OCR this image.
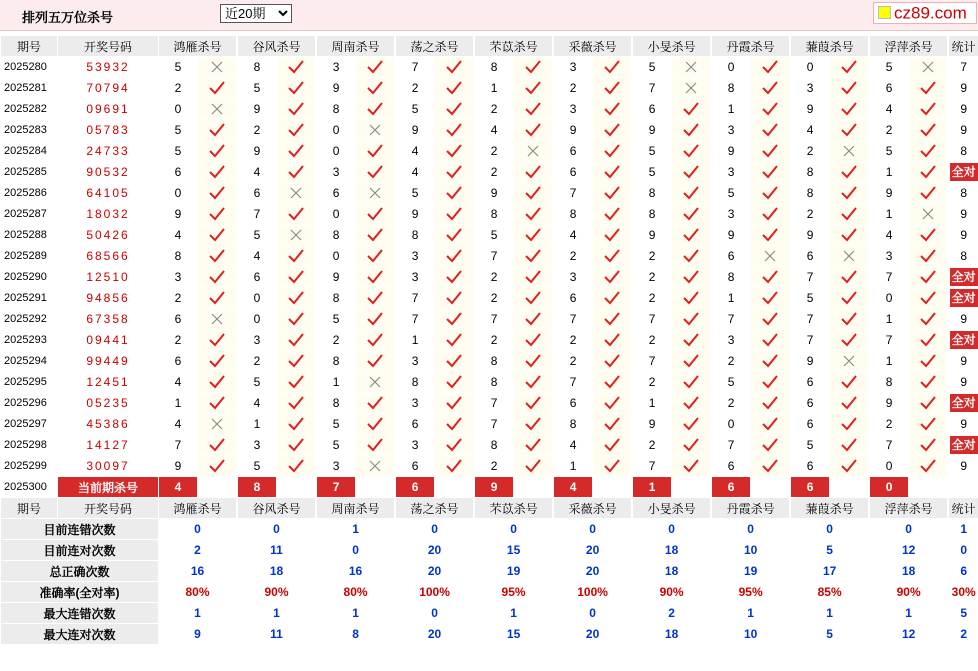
排列五万位杀号
近20期	cz89.com
期号	开奖号码	鸿雁杀号		谷风杀号		周南杀号		荡之杀号		芣苡杀号		采薇杀号		小旻杀号		丹霞杀号		蒹葭杀号		浮萍杀号		统计
2025280	53932	5			8			3			7			8			3			5			0			0			5			7
2025281	70794	2			5			9			2			1			2			7			8			3			6			9
2025282	09691	0			9			8			5			2			3			6			1			9			4			9
2025283	05783	5			2			0			9			4			9			9			3			4			2			9
2025284	24733	5			9			0			4			2			6			5			9			2			5			8
2025285	90532	6			4			3			4			2			6			5			3			8			1			全对
2025286	64105	0			6			6			5			9			7			8			5			8			9			8
2025287	18032	9			7			0			9			8			8			8			3			2			1			9
2025288	50426	4			5			8			8			5			4			9			9			9			4			9
2025289	68566	8			4			0			3			7			2			2			6			6			3			8
2025290	12510	3			6			9			3			2			3			2			8			7			7			全对
2025291	94856	2			0			8			7			2			6			2			1			5			0			全对
2025292	67358	6			0			5			7			7			7			7			7			7			1			9
2025293	09441	2			3			2			1			2			2			2			3			7			7			全对
2025294	99449	6			2			8			3			8			2			7			2			9			1			9
2025295	12451	4			5			1			8			8			7			2			5			6			8			9
2025296	05235	1			4			8			3			7			6			1			2			6			9			全对
2025297	45386	4			1			5			6			7			8			9			0			6			2			9
2025298	14127	7			3			5			3			8			4			2			7			5			7			全对
2025299	30097	9			5			3			6			2			1			7			6			6			0			9
2025300	当前期杀号	4			8			7			6			9			4			1			6			6			0			
期号	开奖号码	鸿雁杀号		谷风杀号		周南杀号		荡之杀号		芣苡杀号		采薇杀号		小旻杀号		丹霞杀号		蒹葭杀号		浮萍杀号		统计
目前连错次数		0		0		1		0		0		0		0		0		0		0		1
目前连对次数		2		11		0		20		15		20		18		10		5		12		0
总正确次数		16		18		16		20		19		20		18		19		17		18		6
准确率(全对率)		80%		90%		80%		100%		95%		100%		90%		95%		85%		90%		30%
最大连错次数		1		1		1		0		1		0		2		1		1		1		5
最大连对次数		9		11		8		20		15		20		18		10		5		12		2
